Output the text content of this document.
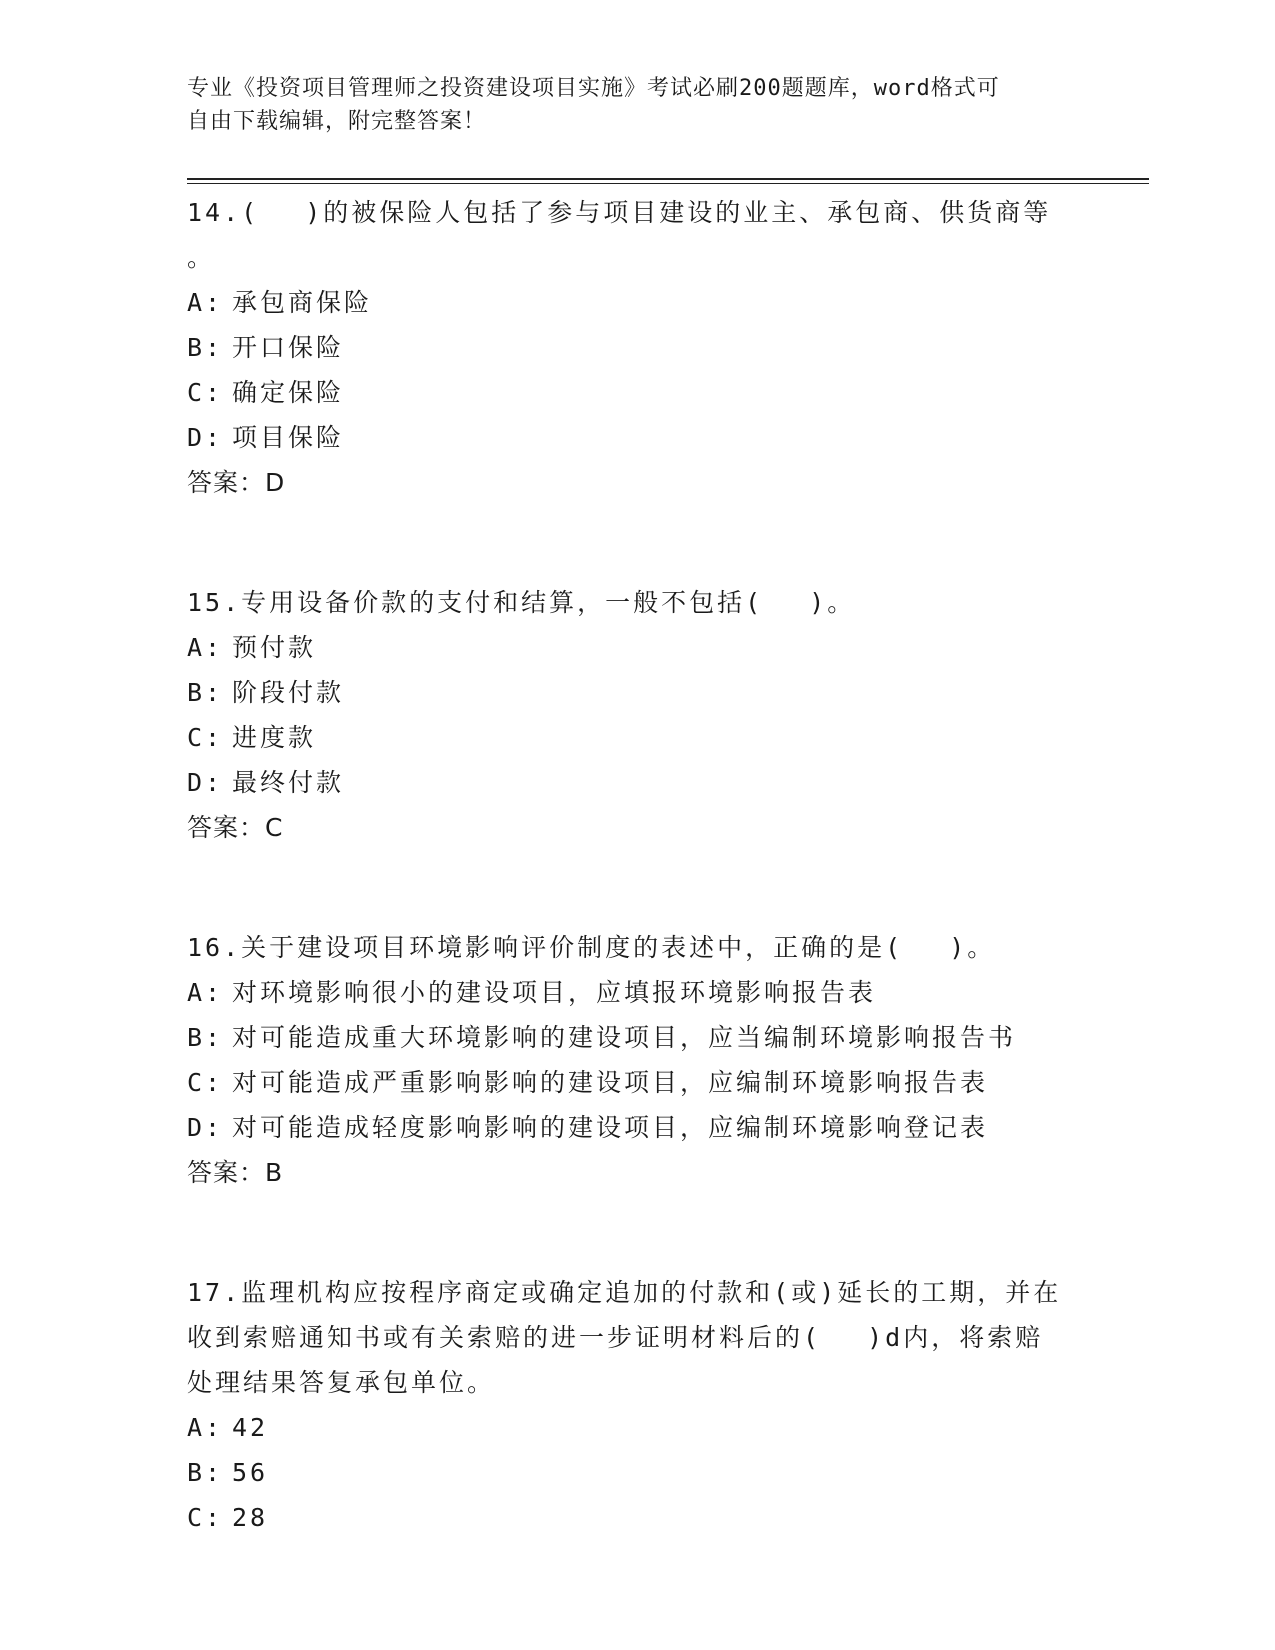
专业《投资项目管理师之投资建设项目实施》考试必刷200题题库，word格式可
自由下载编辑，附完整答案！
14.(　 )的被保险人包括了参与项目建设的业主、承包商、供货商等
。
A: 承包商保险
B: 开口保险
C: 确定保险
D: 项目保险
答案：D
15.专用设备价款的支付和结算，一般不包括(　 )。
A: 预付款
B: 阶段付款
C: 进度款
D: 最终付款
答案：C
16.关于建设项目环境影响评价制度的表述中，正确的是(　 )。
A: 对环境影响很小的建设项目，应填报环境影响报告表
B: 对可能造成重大环境影响的建设项目，应当编制环境影响报告书
C: 对可能造成严重影响影响的建设项目，应编制环境影响报告表
D: 对可能造成轻度影响影响的建设项目，应编制环境影响登记表
答案：B
17.监理机构应按程序商定或确定追加的付款和(或)延长的工期，并在
收到索赔通知书或有关索赔的进一步证明材料后的(　 )d内，将索赔
处理结果答复承包单位。
A: 42
B: 56
C: 28
